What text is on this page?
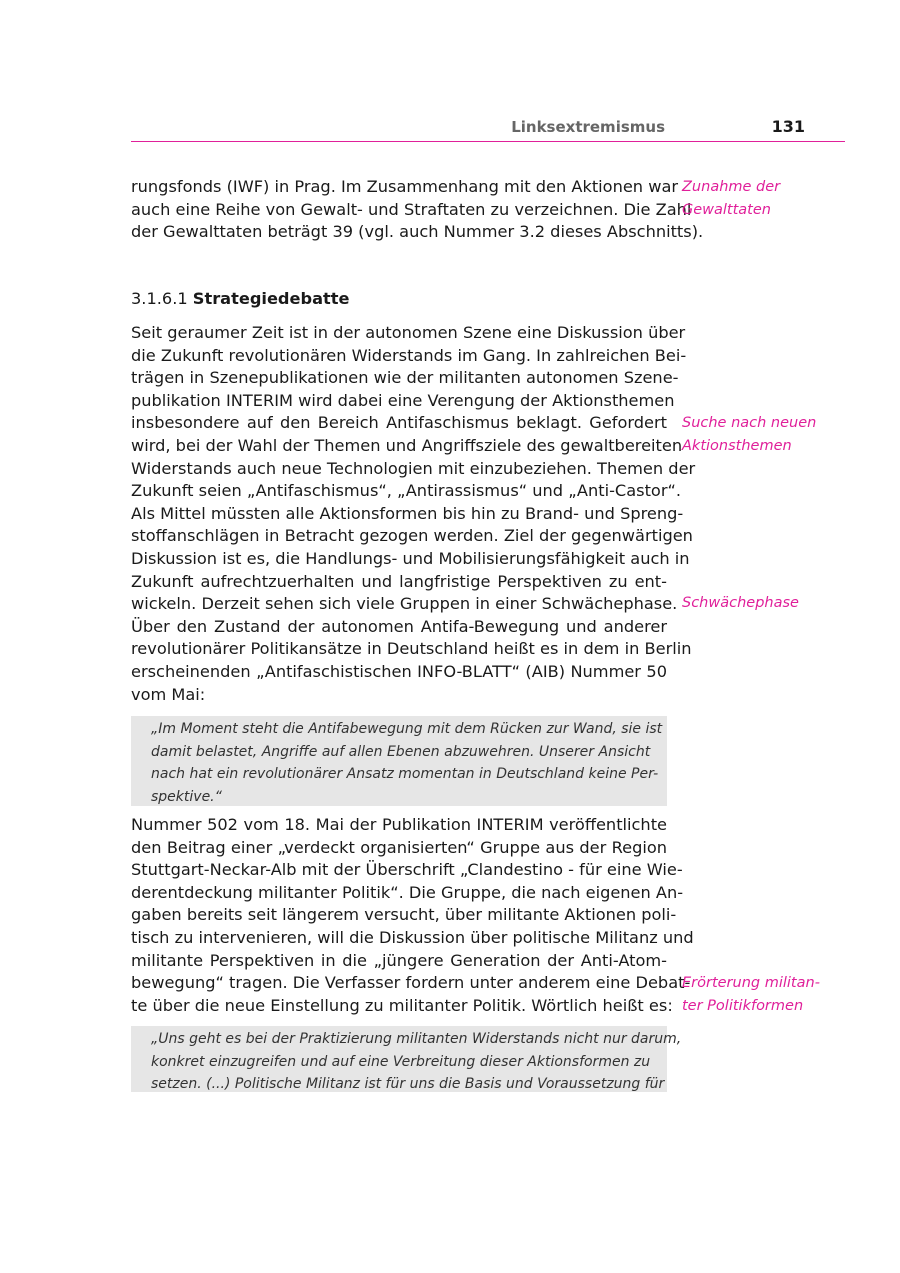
Linksextremismus	131

rungsfonds (IWF) in Prag. Im Zusammenhang mit den Aktionen war
auch eine Reihe von Gewalt- und Straftaten zu verzeichnen. Die Zahl
der Gewalttaten beträgt 39 (vgl. auch Nummer 3.2 dieses Abschnitts).

3.1.6.1 Strategiedebatte

Seit geraumer Zeit ist in der autonomen Szene eine Diskussion über
die Zukunft revolutionären Widerstands im Gang. In zahlreichen Bei-
trägen in Szenepublikationen wie der militanten autonomen Szene-
publikation INTERIM wird dabei eine Verengung der Aktionsthemen
insbesondere auf den Bereich Antifaschismus beklagt. Gefordert
wird, bei der Wahl der Themen und Angriffsziele des gewaltbereiten
Widerstands auch neue Technologien mit einzubeziehen. Themen der
Zukunft seien „Antifaschismus“, „Antirassismus“ und „Anti-Castor“.
Als Mittel müssten alle Aktionsformen bis hin zu Brand- und Spreng-
stoffanschlägen in Betracht gezogen werden. Ziel der gegenwärtigen
Diskussion ist es, die Handlungs- und Mobilisierungsfähigkeit auch in
Zukunft aufrechtzuerhalten und langfristige Perspektiven zu ent-
wickeln. Derzeit sehen sich viele Gruppen in einer Schwächephase.
Über den Zustand der autonomen Antifa-Bewegung und anderer
revolutionärer Politikansätze in Deutschland heißt es in dem in Berlin
erscheinenden „Antifaschistischen INFO-BLATT“ (AIB) Nummer 50
vom Mai:

„Im Moment steht die Antifabewegung mit dem Rücken zur Wand, sie ist
damit belastet, Angriffe auf allen Ebenen abzuwehren. Unserer Ansicht
nach hat ein revolutionärer Ansatz momentan in Deutschland keine Per-
spektive.“

Nummer 502 vom 18. Mai der Publikation INTERIM veröffentlichte
den Beitrag einer „verdeckt organisierten“ Gruppe aus der Region
Stuttgart-Neckar-Alb mit der Überschrift „Clandestino - für eine Wie-
derentdeckung militanter Politik“. Die Gruppe, die nach eigenen An-
gaben bereits seit längerem versucht, über militante Aktionen poli-
tisch zu intervenieren, will die Diskussion über politische Militanz und
militante Perspektiven in die „jüngere Generation der Anti-Atom-
bewegung“ tragen. Die Verfasser fordern unter anderem eine Debat-
te über die neue Einstellung zu militanter Politik. Wörtlich heißt es:

„Uns geht es bei der Praktizierung militanten Widerstands nicht nur darum,
konkret einzugreifen und auf eine Verbreitung dieser Aktionsformen zu
setzen. (...) Politische Militanz ist für uns die Basis und Voraussetzung für
Zunahme der
Gewalttaten
Suche nach neuen
Aktionsthemen
Schwächephase
Erörterung militan-
ter Politikformen
